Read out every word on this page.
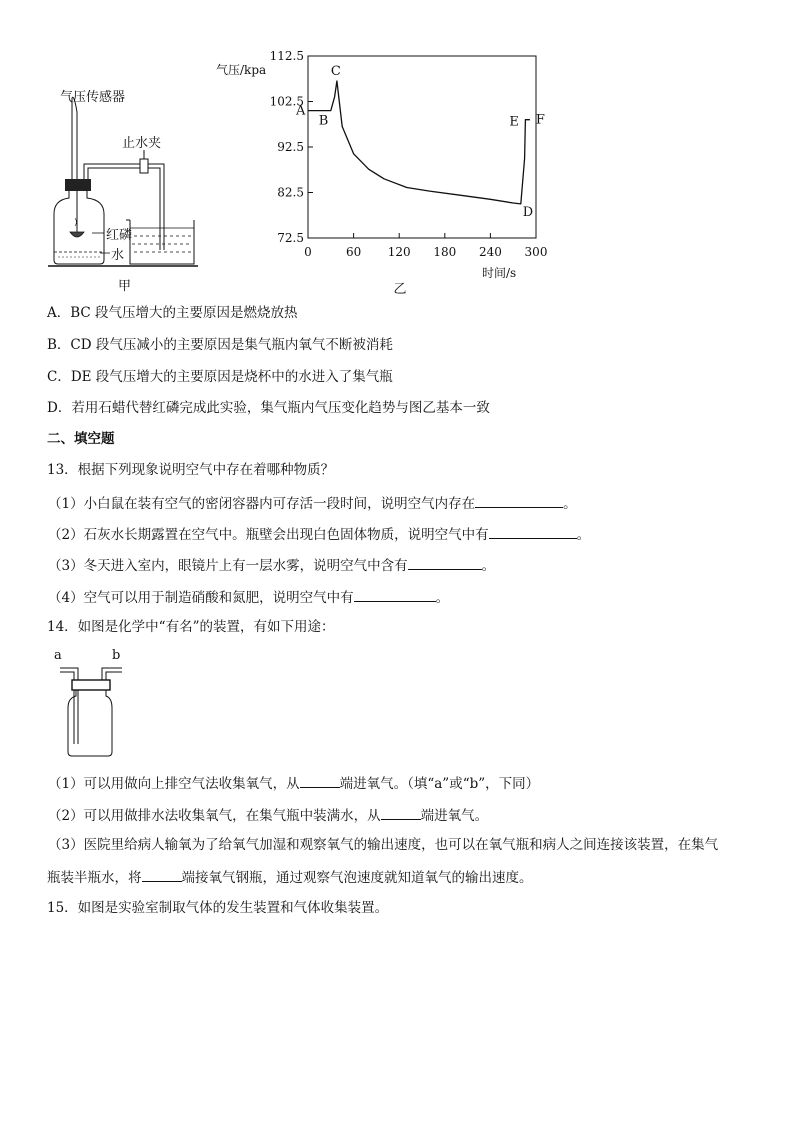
气压传感器
止水夹
红磷
水
甲
72.5
82.5
92.5
102.5
112.5
0	60 120 180 240 300
气压/kpa
时间/s
乙
A
B
C
D
E F
A．BC 段气压增大的主要原因是燃烧放热
B．CD 段气压减小的主要原因是集气瓶内氧气不断被消耗
C．DE 段气压增大的主要原因是烧杯中的水进入了集气瓶
D．若用石蜡代替红磷完成此实验，集气瓶内气压变化趋势与图乙基本一致
二、填空题
13．根据下列现象说明空气中存在着哪种物质？
（1）小白鼠在装有空气的密闭容器内可存活一段时间，说明空气内存在	。
（2）石灰水长期露置在空气中。瓶壁会出现白色固体物质，说明空气中有	。
（3）冬天进入室内，眼镜片上有一层水雾，说明空气中含有	。
（4）空气可以用于制造硝酸和氮肥，说明空气中有	。
14．如图是化学中“有名”的装置，有如下用途：
a	b
（1）可以用做向上排空气法收集氧气，从	端进氧气。（填“a”或“b”，下同）
（2）可以用做排水法收集氧气，在集气瓶中装满水，从	端进氧气。
（3）医院里给病人输氧为了给氧气加湿和观察氧气的输出速度，也可以在氧气瓶和病人之间连接该装置，在集气
瓶装半瓶水，将	端接氧气钢瓶，通过观察气泡速度就知道氧气的输出速度。
15．如图是实验室制取气体的发生装置和气体收集装置。
